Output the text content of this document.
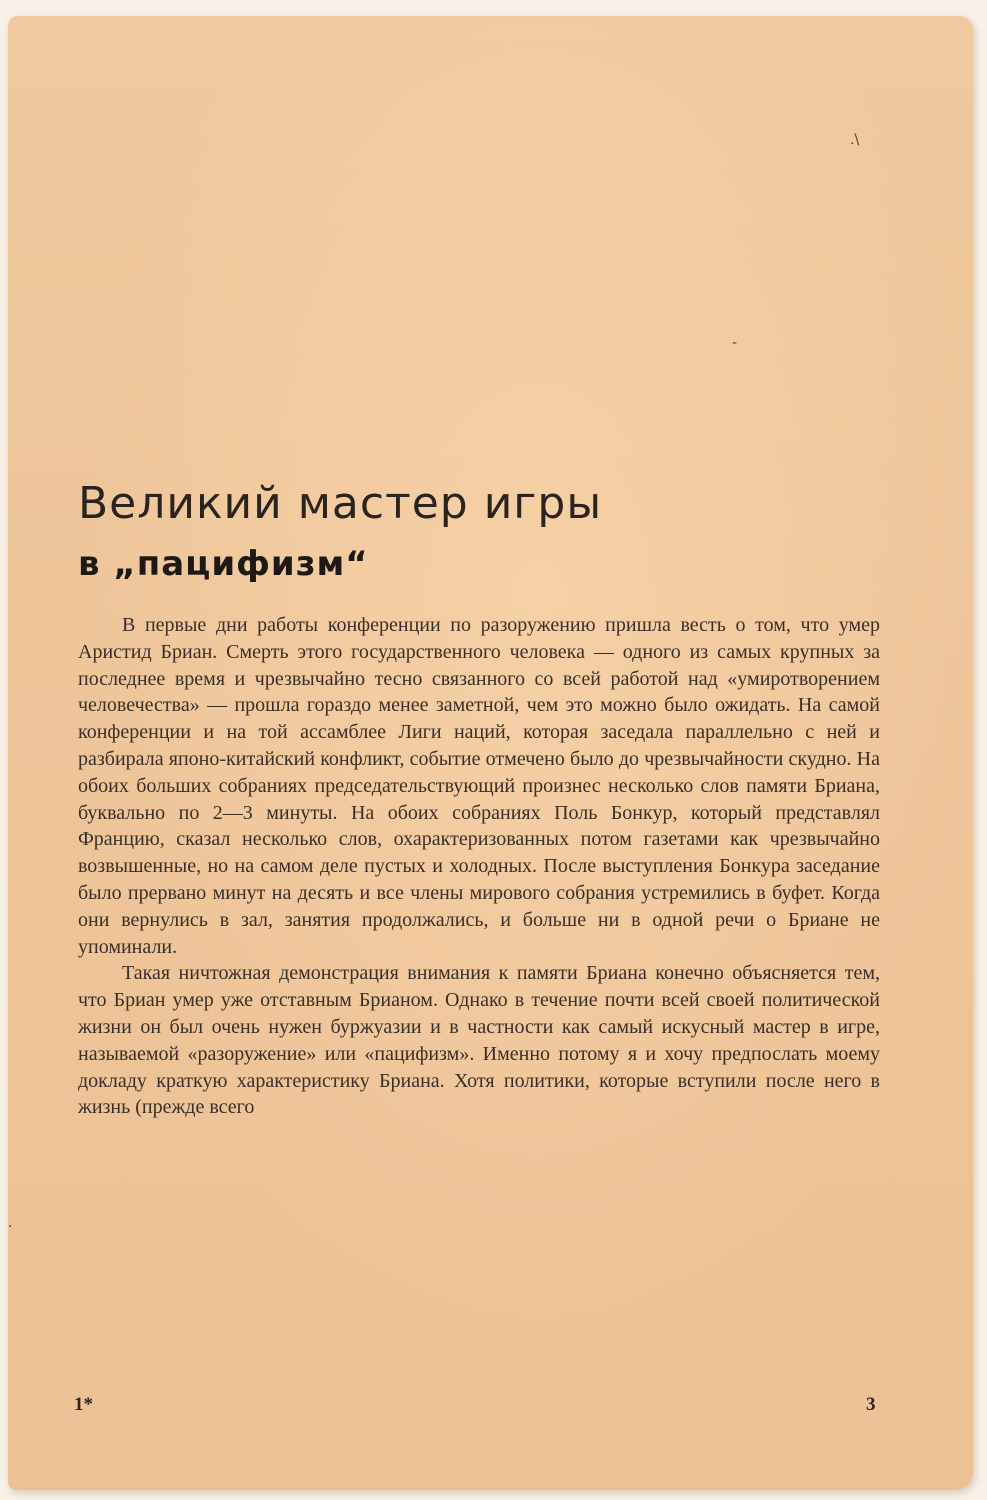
.\
-
.
Великий мастер игры
в „пацифизм“

В первые дни работы конференции по разоружению пришла весть о том, что умер Аристид Бриан. Смерть этого государственного человека — одного из самых крупных за последнее время и чрезвычайно тесно связанного со всей работой над «умиротворением человечества» — прошла гораздо менее заметной, чем это можно было ожидать. На самой конференции и на той ассамблее Лиги наций, которая заседала параллельно с ней и разбирала японо-китайский конфликт, событие отмечено было до чрезвычайности скудно. На обоих больших собраниях председательствующий произнес несколько слов памяти Бриана, буквально по 2—3 минуты. На обоих собраниях Поль Бонкур, который представлял Францию, сказал несколько слов, охарактеризованных потом газетами как чрезвычайно возвышенные, но на самом деле пустых и холодных. После выступления Бонкура заседание было прервано минут на десять и все члены мирового собрания устремились в буфет. Когда они вернулись в зал, занятия продолжались, и больше ни в одной речи о Бриане не упоминали.

Такая ничтожная демонстрация внимания к памяти Бриана конечно объясняется тем, что Бриан умер уже отставным Брианом. Однако в течение почти всей своей политической жизни он был очень нужен буржуазии и в частности как самый искусный мастер в игре, называемой «разоружение» или «пацифизм». Именно потому я и хочу предпослать моему докладу краткую характеристику Бриана. Хотя политики, которые вступили после него в жизнь (прежде всего

1*	3
